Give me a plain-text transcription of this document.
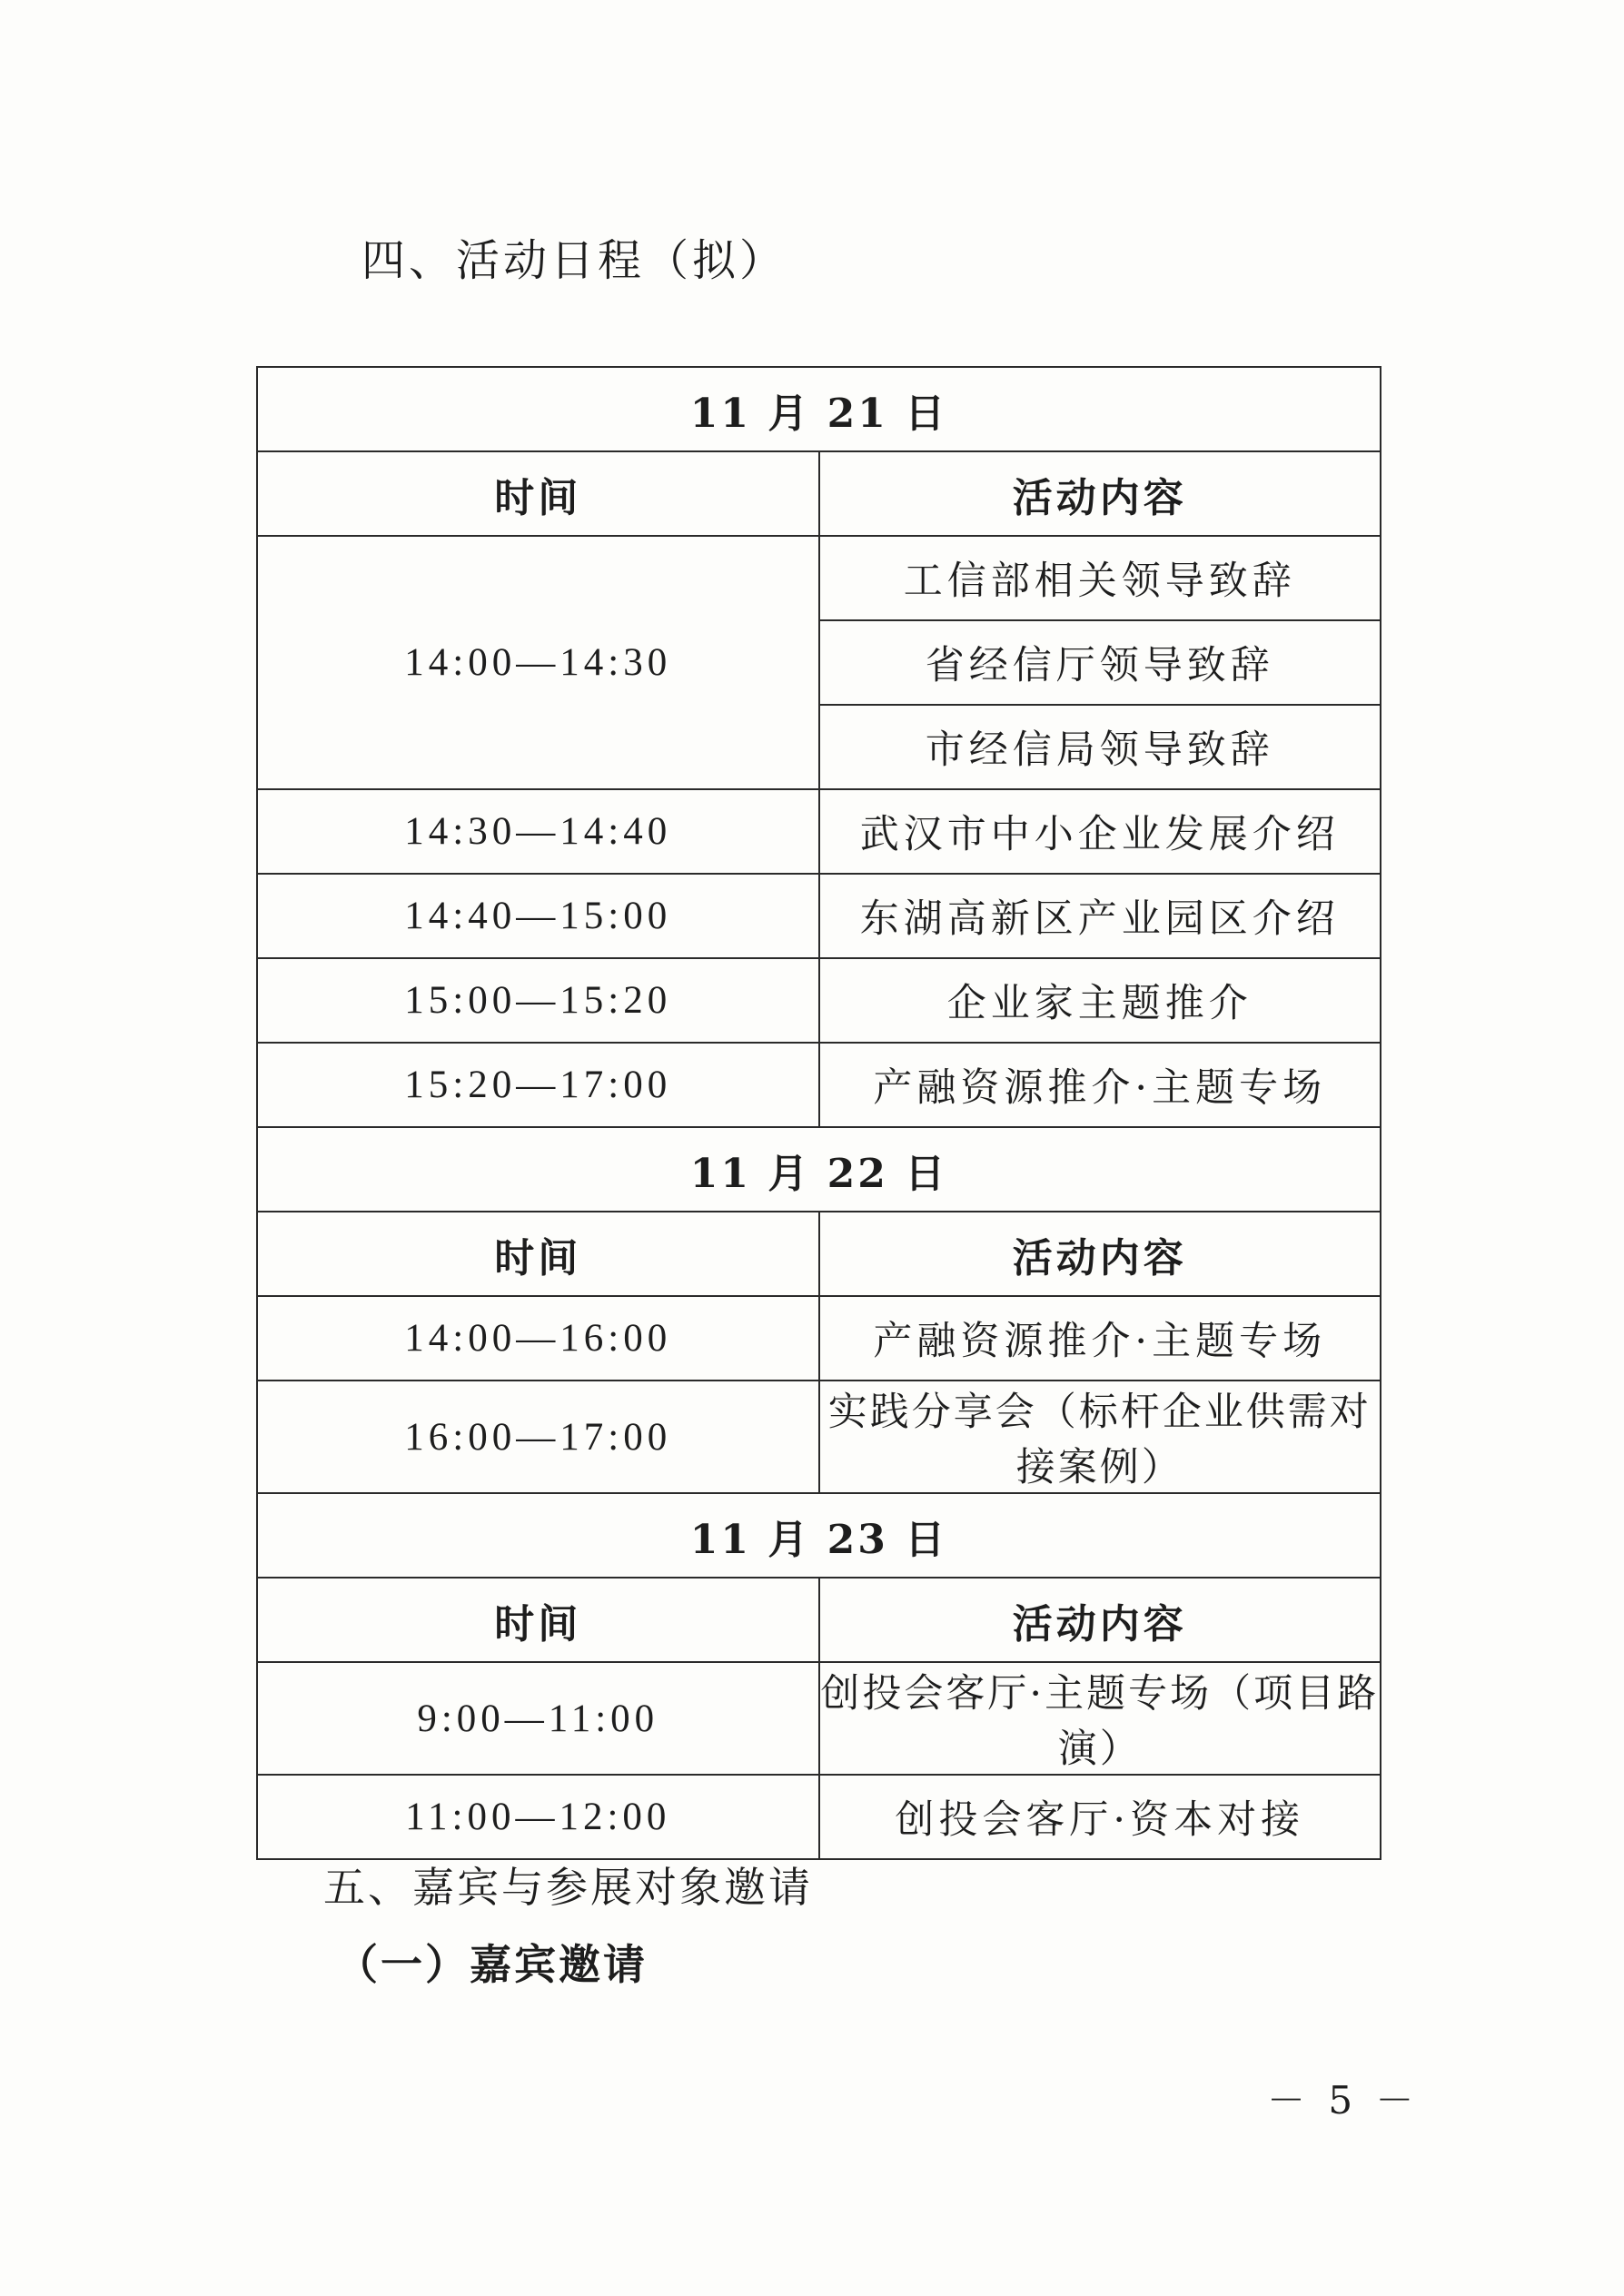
四、活动日程（拟）
11 月 21 日	
时间	活动内容
14:00—14:30	工信部相关领导致辞
	省经信厅领导致辞
	市经信局领导致辞
14:30—14:40	武汉市中小企业发展介绍
14:40—15:00	东湖高新区产业园区介绍
15:00—15:20	企业家主题推介
15:20—17:00	产融资源推介·主题专场
11 月 22 日	
时间	活动内容
14:00—16:00	产融资源推介·主题专场
16:00—17:00	实践分享会（标杆企业供需对接案例）
11 月 23 日	
时间	活动内容
9:00—11:00	创投会客厅·主题专场（项目路演）
11:00—12:00	创投会客厅·资本对接
五、嘉宾与参展对象邀请
（一）嘉宾邀请
－ 5 －
